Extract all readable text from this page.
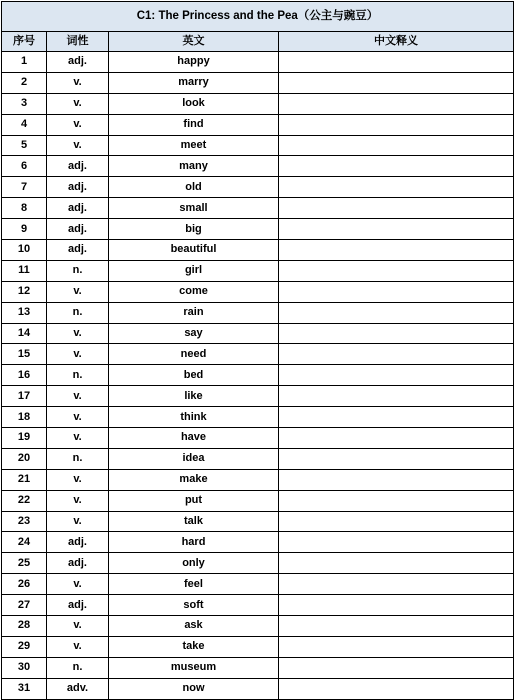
C1: The Princess and the Pea（公主与豌豆）			
序号	词性	英文	中文释义
1	adj.	happy	
2	v.	marry	
3	v.	look	
4	v.	find	
5	v.	meet	
6	adj.	many	
7	adj.	old	
8	adj.	small	
9	adj.	big	
10	adj.	beautiful	
11	n.	girl	
12	v.	come	
13	n.	rain	
14	v.	say	
15	v.	need	
16	n.	bed	
17	v.	like	
18	v.	think	
19	v.	have	
20	n.	idea	
21	v.	make	
22	v.	put	
23	v.	talk	
24	adj.	hard	
25	adj.	only	
26	v.	feel	
27	adj.	soft	
28	v.	ask	
29	v.	take	
30	n.	museum	
31	adv.	now	
